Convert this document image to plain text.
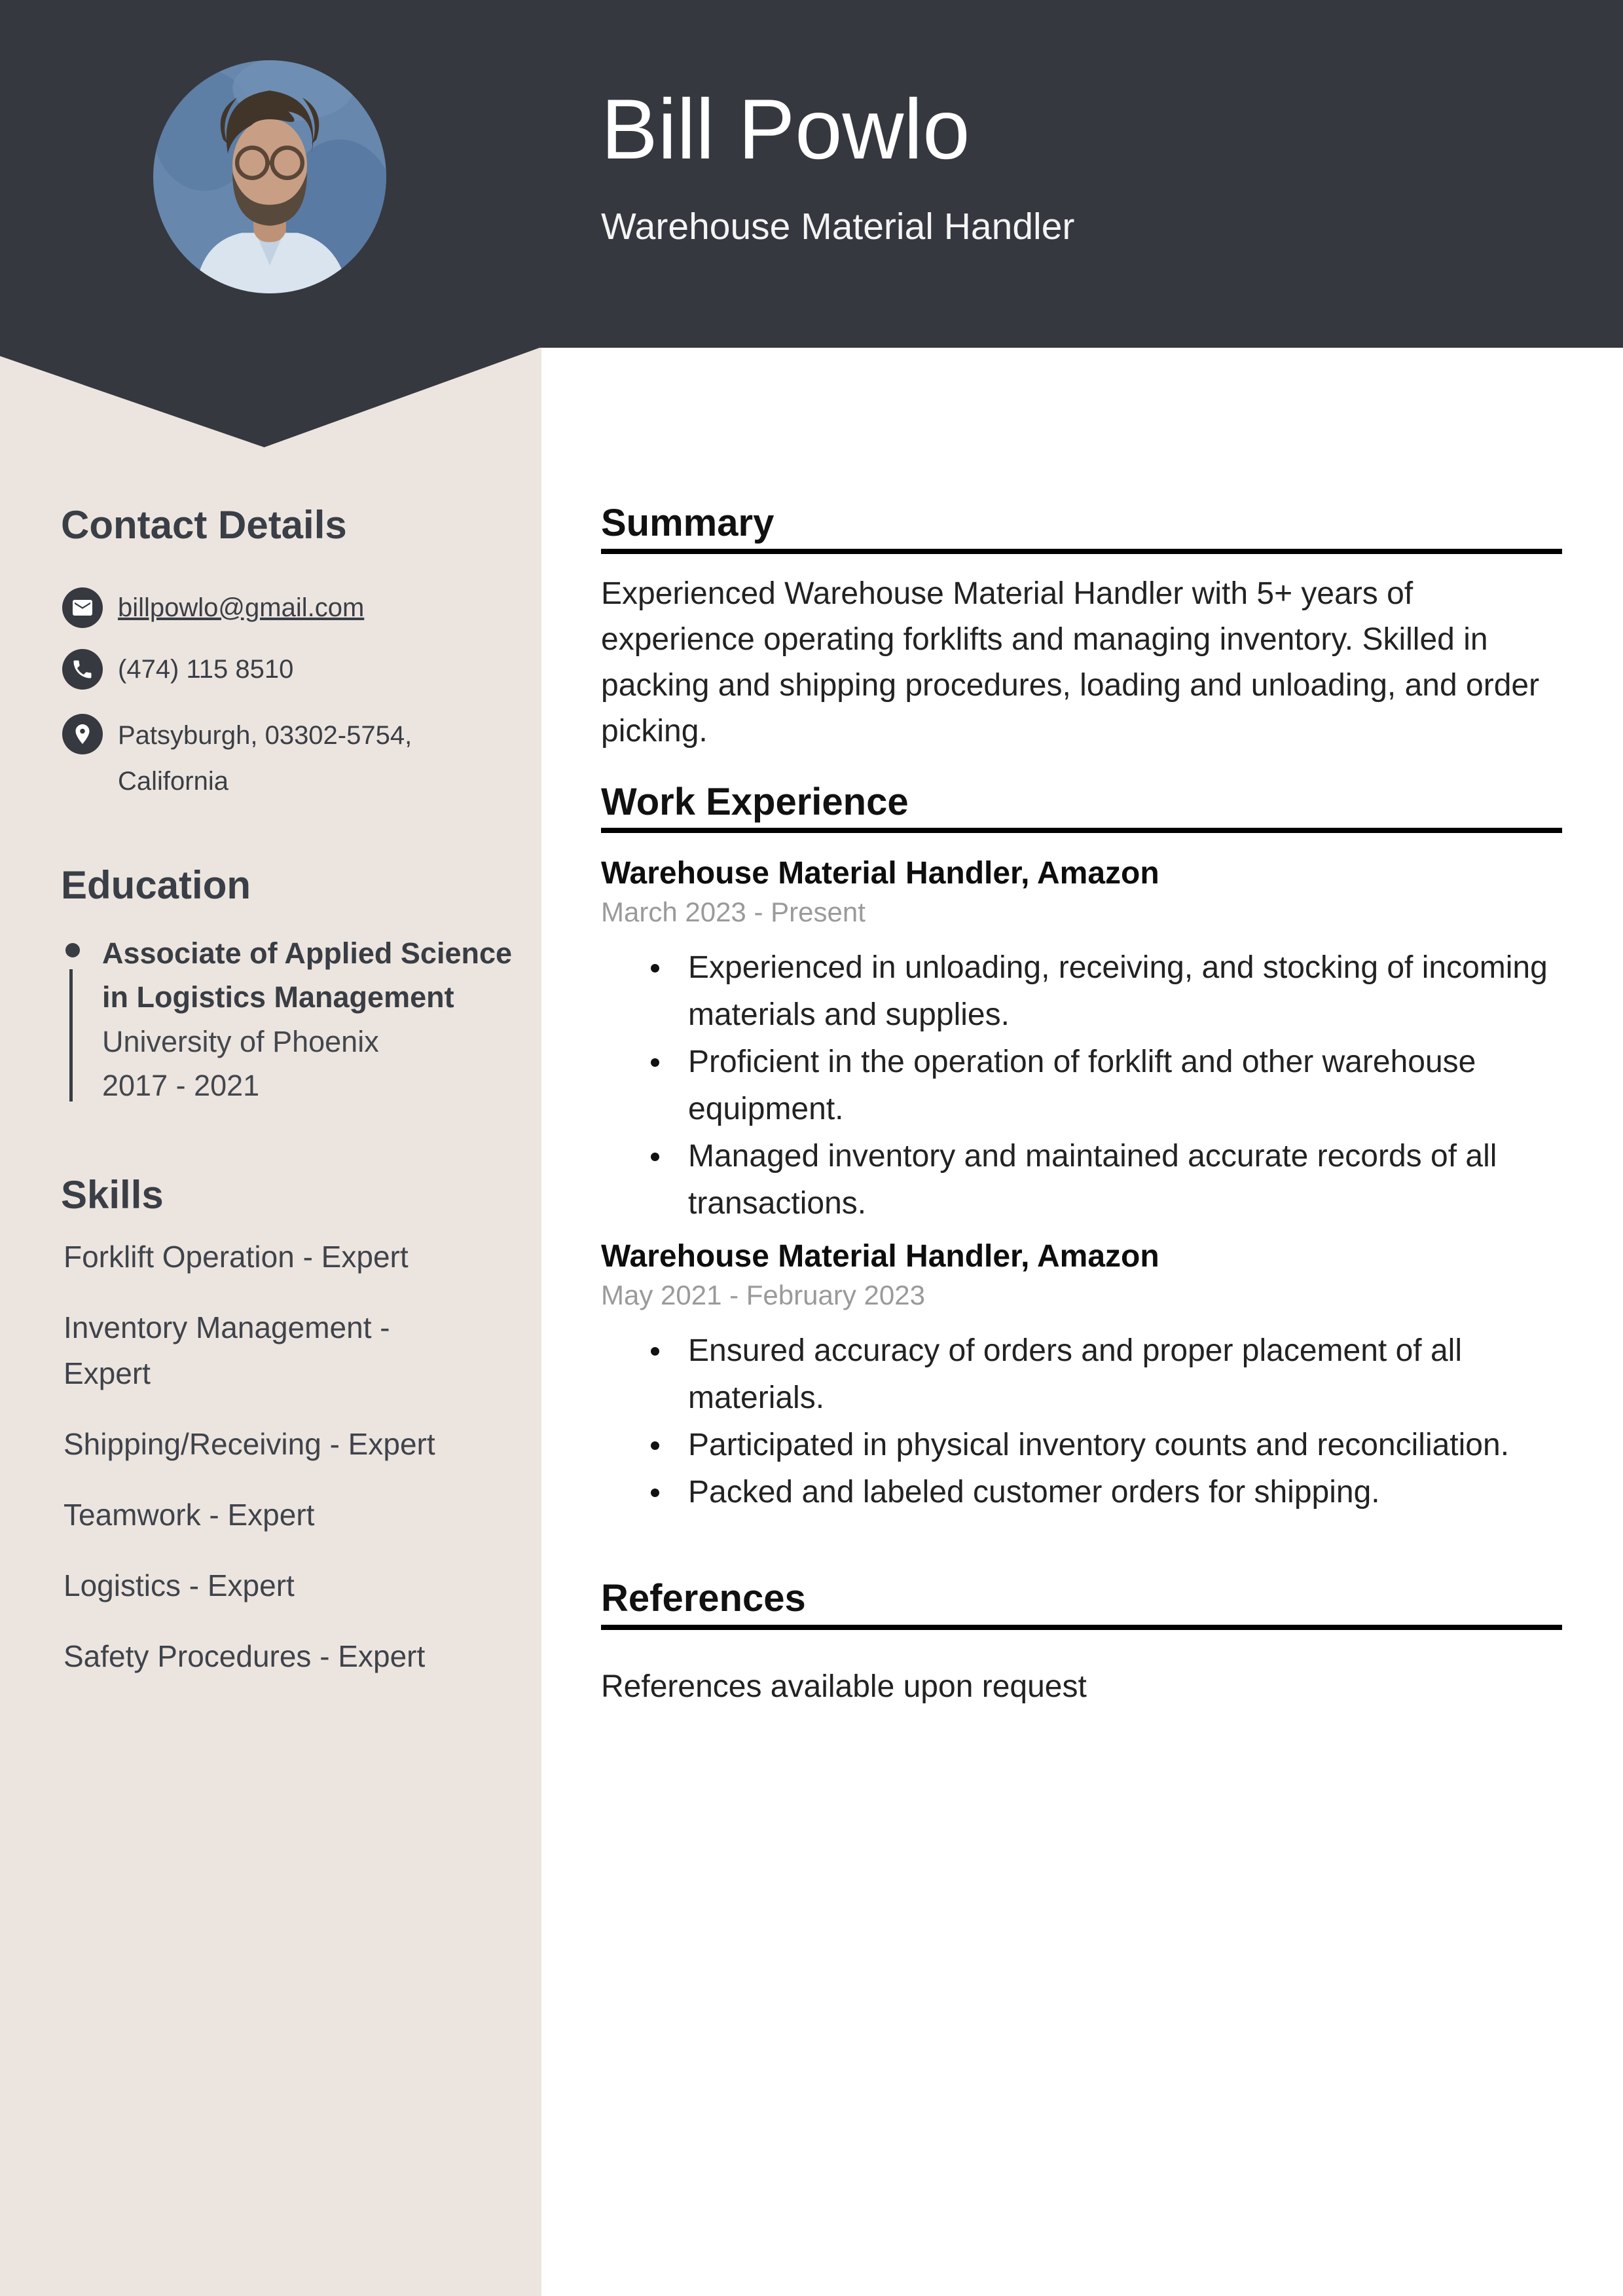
Bill Powlo
Warehouse Material Handler
Contact Details
billpowlo@gmail.com
(474) 115 8510
Patsyburgh, 03302-5754, California
Education
Associate of Applied Science in Logistics Management
University of Phoenix
2017 - 2021
Skills
Forklift Operation - Expert
Inventory Management - Expert
Shipping/Receiving - Expert
Teamwork - Expert
Logistics - Expert
Safety Procedures - Expert
Summary
Experienced Warehouse Material Handler with 5+ years of experience operating forklifts and managing inventory. Skilled in packing and shipping procedures, loading and unloading, and order picking.
Work Experience
Warehouse Material Handler, Amazon
March 2023 - Present
Experienced in unloading, receiving, and stocking of incoming materials and supplies.
Proficient in the operation of forklift and other warehouse equipment.
Managed inventory and maintained accurate records of all transactions.
Warehouse Material Handler, Amazon
May 2021 - February 2023
Ensured accuracy of orders and proper placement of all materials.
Participated in physical inventory counts and reconciliation.
Packed and labeled customer orders for shipping.
References
References available upon request
